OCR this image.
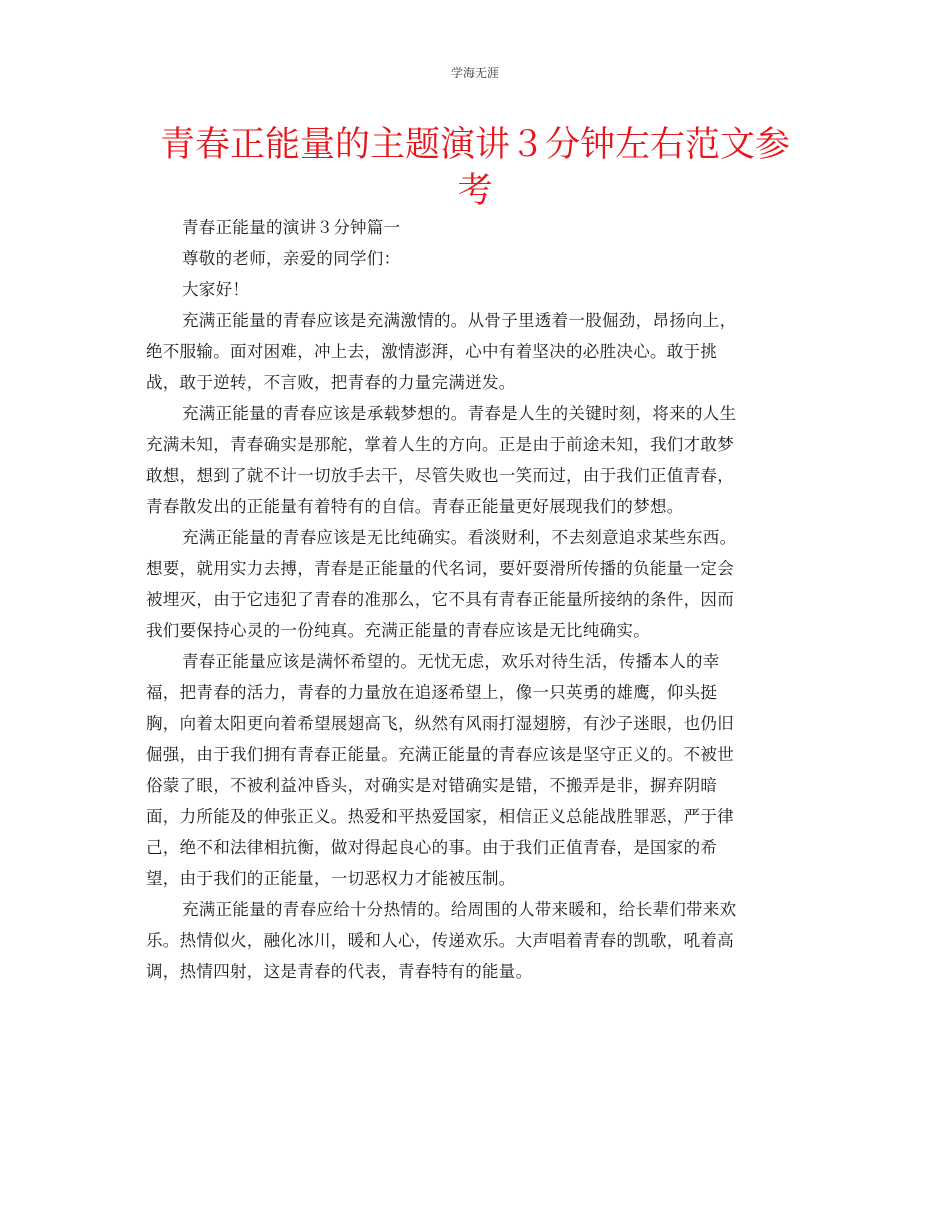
学海无涯
青春正能量的主题演讲３分钟左右范文参
考
青春正能量的演讲３分钟篇一
尊敬的老师，亲爱的同学们：
大家好！
充满正能量的青春应该是充满激情的。从骨子里透着一股倔劲，昂扬向上，
绝不服输。面对困难，冲上去，激情澎湃，心中有着坚决的必胜决心。敢于挑
战，敢于逆转，不言败，把青春的力量完满迸发。
充满正能量的青春应该是承载梦想的。青春是人生的关键时刻，将来的人生
充满未知，青春确实是那舵，掌着人生的方向。正是由于前途未知，我们才敢梦
敢想，想到了就不计一切放手去干，尽管失败也一笑而过，由于我们正值青春，
青春散发出的正能量有着特有的自信。青春正能量更好展现我们的梦想。
充满正能量的青春应该是无比纯确实。看淡财利，不去刻意追求某些东西。
想要，就用实力去搏，青春是正能量的代名词，要奸耍滑所传播的负能量一定会
被埋灭，由于它违犯了青春的准那么，它不具有青春正能量所接纳的条件，因而
我们要保持心灵的一份纯真。充满正能量的青春应该是无比纯确实。
青春正能量应该是满怀希望的。无忧无虑，欢乐对待生活，传播本人的幸
福，把青春的活力，青春的力量放在追逐希望上，像一只英勇的雄鹰，仰头挺
胸，向着太阳更向着希望展翅高飞，纵然有风雨打湿翅膀，有沙子迷眼，也仍旧
倔强，由于我们拥有青春正能量。充满正能量的青春应该是坚守正义的。不被世
俗蒙了眼，不被利益冲昏头，对确实是对错确实是错，不搬弄是非，摒弃阴暗
面，力所能及的伸张正义。热爱和平热爱国家，相信正义总能战胜罪恶，严于律
己，绝不和法律相抗衡，做对得起良心的事。由于我们正值青春，是国家的希
望，由于我们的正能量，一切恶权力才能被压制。
充满正能量的青春应给十分热情的。给周围的人带来暖和，给长辈们带来欢
乐。热情似火，融化冰川，暖和人心，传递欢乐。大声唱着青春的凯歌，吼着高
调，热情四射，这是青春的代表，青春特有的能量。
